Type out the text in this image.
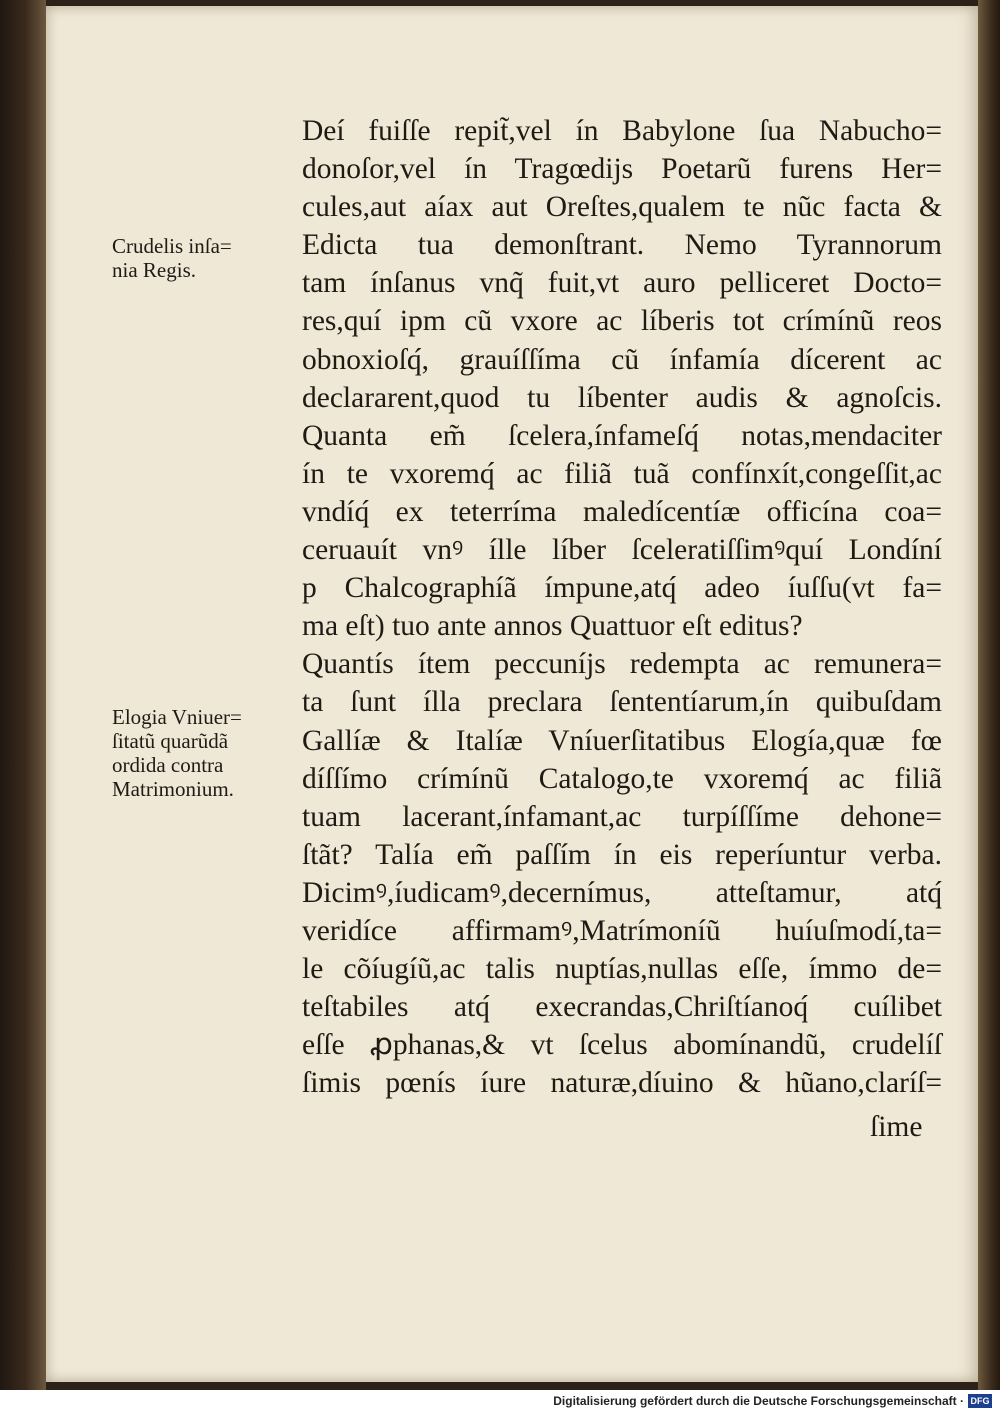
Crudelis inſa=
nia Regis.
Elogia Vniuer=
ſitatũ quarũdã
ordida contra
Matrimonium.
Deí fuiſſe repit̃,vel ín Babylone ſua Nabucho=
donoſor,vel ín Tragœdijs Poetarũ furens Her=
cules,aut aíax aut Oreſtes,qualem te nũc facta &
Edicta tua demonſtrant. Nemo Tyrannorum
tam ínſanus vnq̃ fuit,vt auro pelliceret Docto=
res,quí ipm cũ vxore ac líberis tot crímínũ reos
obnoxioſq́, grauíſſíma cũ ínfamía dícerent ac
declararent,quod tu líbenter audis & agnoſcis.
Quanta em̃ ſcelera,ínfameſq́ notas,mendaciter
ín te vxoremq́ ac filiã tuã confínxít,congeſſit,ac
vndíq́ ex teterríma maledícentíæ officína coa=
ceruauít vnꝰ ílle líber ſceleratiſſimꝰquí Londíní
p Chalcographíã ímpune,atq́ adeo íuſſu(vt fa=
ma eſt) tuo ante annos Quattuor eſt editus?
Quantís ítem peccuníjs redempta ac remunera=
ta ſunt ílla preclara ſententíarum,ín quibuſdam
Gallíæ & Italíæ Vníuerſitatibus Elogía,quæ fœ
díſſímo crímínũ Catalogo,te vxoremq́ ac filiã
tuam lacerant,ínfamant,ac turpíſſíme dehone=
ſtãt? Talía em̃ paſſím ín eis reperíuntur verba.
Dicimꝰ,íudicamꝰ,decernímus, atteſtamur, atq́
veridíce affirmamꝰ,Matrímoníũ huíuſmodí,ta=
le cõíugíũ,ac talis nuptías,nullas eſſe, ímmo de=
teſtabiles atq́ execrandas,Chriſtíanoq́ cuílibet
eſſe ꝓphanas,& vt ſcelus abomínandũ, crudelíſ
ſimis pœnís íure naturæ,díuino & hũano,claríſ=
ſime
Digitalisierung gefördert durch die Deutsche Forschungsgemeinschaft · DFG
